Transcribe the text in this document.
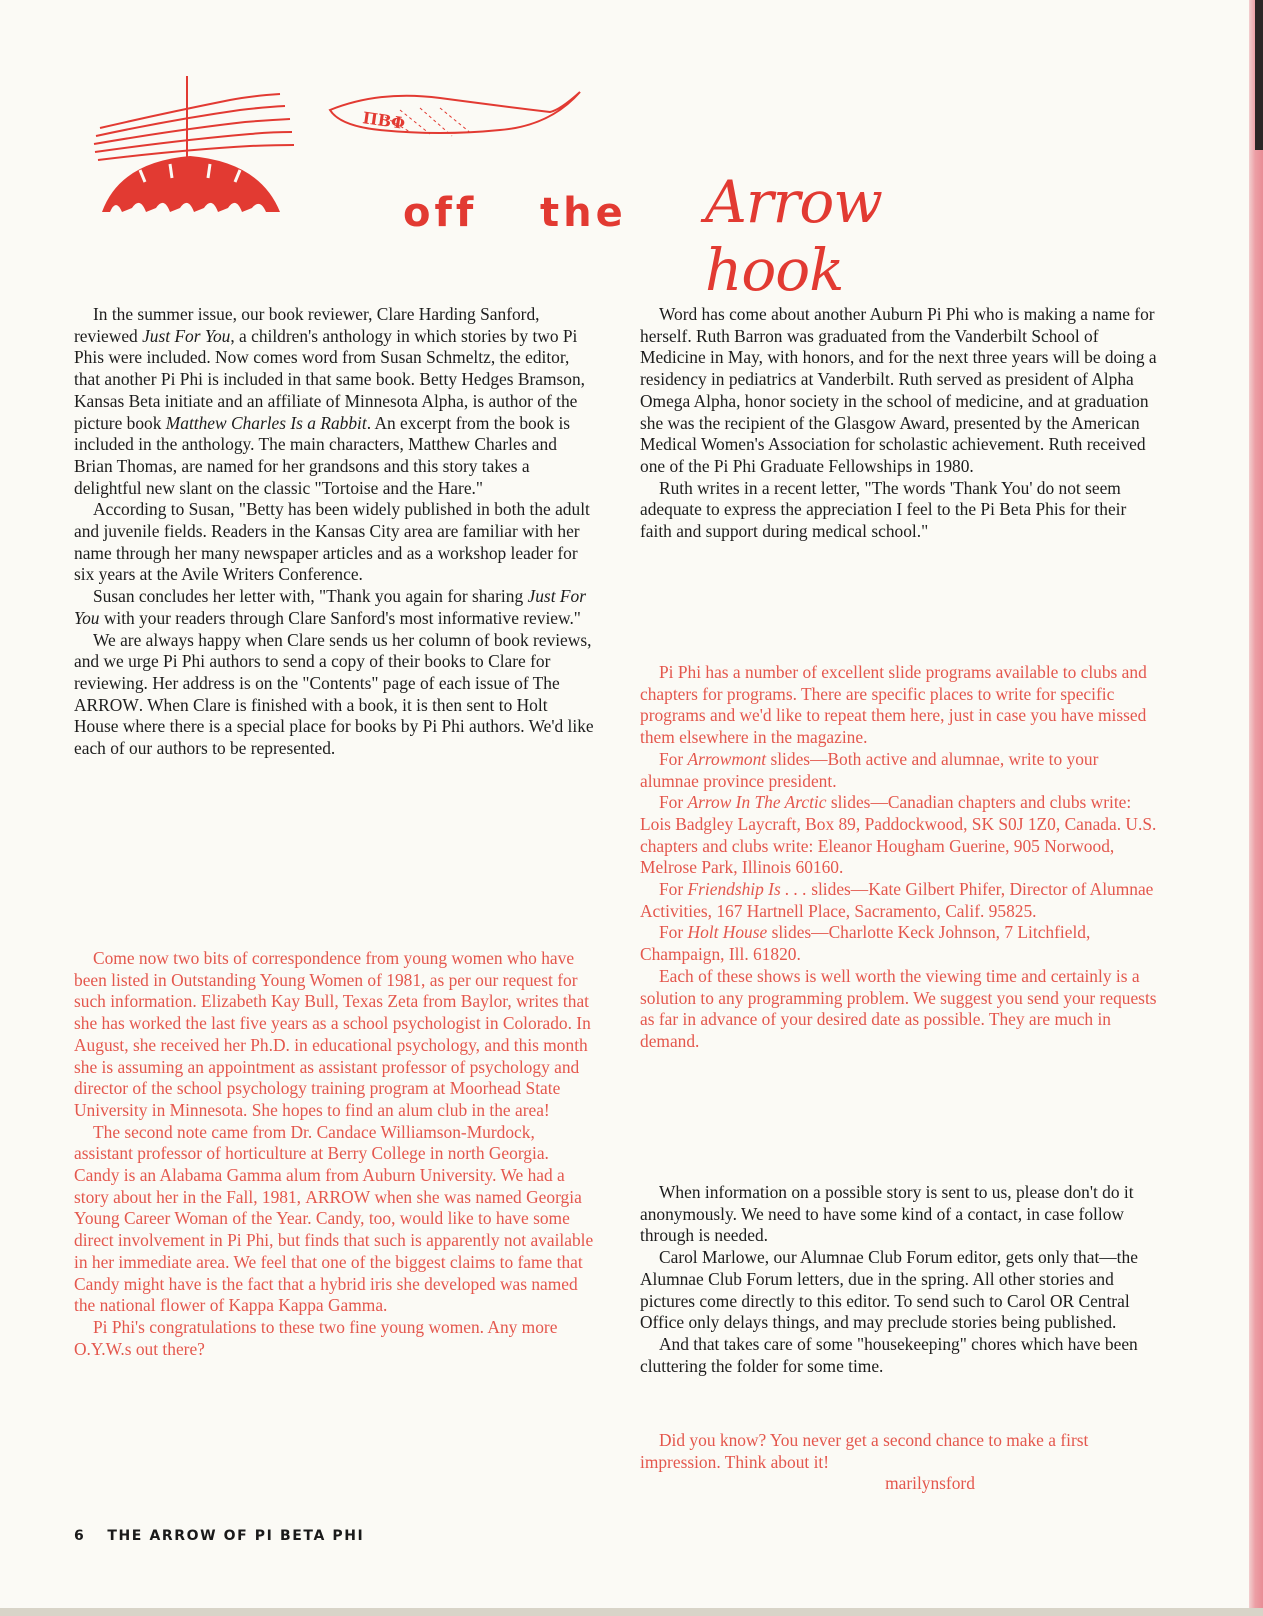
ΠΒΦ
off the Arrow hook

In the summer issue, our book reviewer, Clare Harding Sanford, reviewed Just For You, a children's anthology in which stories by two Pi Phis were included. Now comes word from Susan Schmeltz, the editor, that another Pi Phi is included in that same book. Betty Hedges Bramson, Kansas Beta initiate and an affiliate of Minnesota Alpha, is author of the picture book Matthew Charles Is a Rabbit. An excerpt from the book is included in the anthology. The main characters, Matthew Charles and Brian Thomas, are named for her grandsons and this story takes a delightful new slant on the classic "Tortoise and the Hare."

According to Susan, "Betty has been widely published in both the adult and juvenile fields. Readers in the Kansas City area are familiar with her name through her many newspaper articles and as a workshop leader for six years at the Avile Writers Conference.

Susan concludes her letter with, "Thank you again for sharing Just For You with your readers through Clare Sanford's most informative review."

We are always happy when Clare sends us her column of book reviews, and we urge Pi Phi authors to send a copy of their books to Clare for reviewing. Her address is on the "Contents" page of each issue of The ARROW. When Clare is finished with a book, it is then sent to Holt House where there is a special place for books by Pi Phi authors. We'd like each of our authors to be represented.

Come now two bits of correspondence from young women who have been listed in Outstanding Young Women of 1981, as per our request for such information. Elizabeth Kay Bull, Texas Zeta from Baylor, writes that she has worked the last five years as a school psychologist in Colorado. In August, she received her Ph.D. in educational psychology, and this month she is assuming an appointment as assistant professor of psychology and director of the school psychology training program at Moorhead State University in Minnesota. She hopes to find an alum club in the area!

The second note came from Dr. Candace Williamson-Murdock, assistant professor of horticulture at Berry College in north Georgia. Candy is an Alabama Gamma alum from Auburn University. We had a story about her in the Fall, 1981, ARROW when she was named Georgia Young Career Woman of the Year. Candy, too, would like to have some direct involvement in Pi Phi, but finds that such is apparently not available in her immediate area. We feel that one of the biggest claims to fame that Candy might have is the fact that a hybrid iris she developed was named the national flower of Kappa Kappa Gamma.

Pi Phi's congratulations to these two fine young women. Any more O.Y.W.s out there?

Word has come about another Auburn Pi Phi who is making a name for herself. Ruth Barron was graduated from the Vanderbilt School of Medicine in May, with honors, and for the next three years will be doing a residency in pediatrics at Vanderbilt. Ruth served as president of Alpha Omega Alpha, honor society in the school of medicine, and at graduation she was the recipient of the Glasgow Award, presented by the American Medical Women's Association for scholastic achievement. Ruth received one of the Pi Phi Graduate Fellowships in 1980.

Ruth writes in a recent letter, "The words 'Thank You' do not seem adequate to express the appreciation I feel to the Pi Beta Phis for their faith and support during medical school."

Pi Phi has a number of excellent slide programs available to clubs and chapters for programs. There are specific places to write for specific programs and we'd like to repeat them here, just in case you have missed them elsewhere in the magazine.

For Arrowmont slides—Both active and alumnae, write to your alumnae province president.

For Arrow In The Arctic slides—Canadian chapters and clubs write: Lois Badgley Laycraft, Box 89, Paddockwood, SK S0J 1Z0, Canada. U.S. chapters and clubs write: Eleanor Hougham Guerine, 905 Norwood, Melrose Park, Illinois 60160.

For Friendship Is . . . slides—Kate Gilbert Phifer, Director of Alumnae Activities, 167 Hartnell Place, Sacramento, Calif. 95825.

For Holt House slides—Charlotte Keck Johnson, 7 Litchfield, Champaign, Ill. 61820.

Each of these shows is well worth the viewing time and certainly is a solution to any programming problem. We suggest you send your requests as far in advance of your desired date as possible. They are much in demand.

When information on a possible story is sent to us, please don't do it anonymously. We need to have some kind of a contact, in case follow through is needed.

Carol Marlowe, our Alumnae Club Forum editor, gets only that—the Alumnae Club Forum letters, due in the spring. All other stories and pictures come directly to this editor. To send such to Carol OR Central Office only delays things, and may preclude stories being published.

And that takes care of some "housekeeping" chores which have been cluttering the folder for some time.

Did you know? You never get a second chance to make a first impression. Think about it!

marilynsford
6 THE ARROW OF PI BETA PHI
